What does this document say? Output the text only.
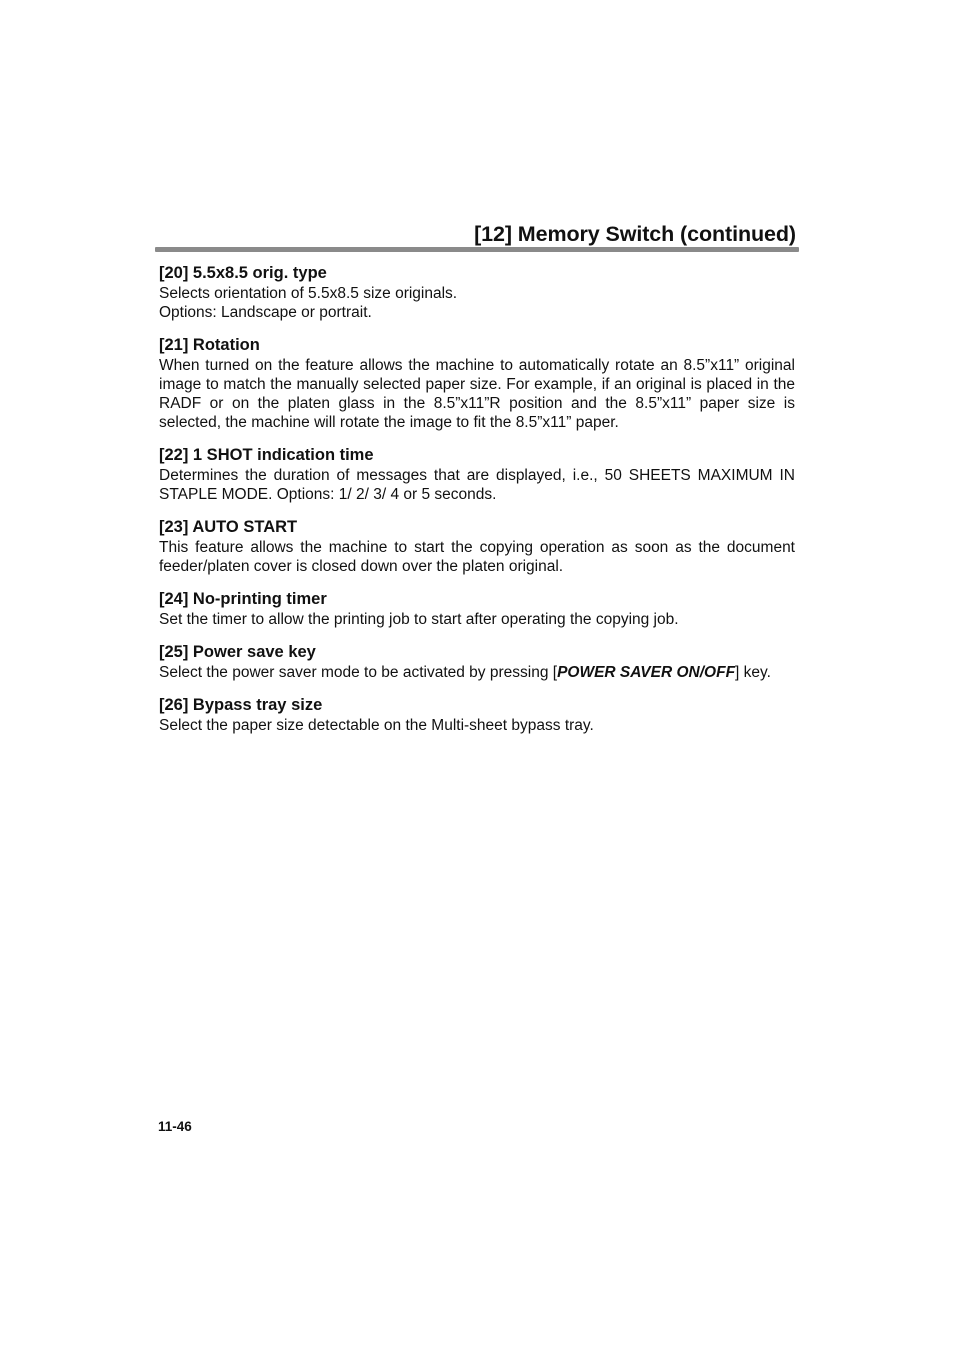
[12] Memory Switch (continued)
[20] 5.5x8.5 orig. type

Selects orientation of 5.5x8.5 size originals.
Options: Landscape or portrait.

[21] Rotation

When turned on the feature allows the machine to automatically rotate an 8.5”x11” original image to match the manually selected paper size. For example, if an original is placed in the RADF or on the platen glass in the 8.5”x11”R position and the 8.5”x11” paper size is selected, the machine will rotate the image to fit the 8.5”x11” paper.

[22] 1 SHOT indication time

Determines the duration of messages that are displayed, i.e., 50 SHEETS MAXIMUM IN STAPLE MODE. Options: 1/ 2/ 3/ 4 or 5 seconds.

[23] AUTO START

This feature allows the machine to start the copying operation as soon as the document feeder/platen cover is closed down over the platen original.

[24] No-printing timer

Set the timer to allow the printing job to start after operating the copying job.

[25] Power save key

Select the power saver mode to be activated by pressing [POWER SAVER ON/OFF] key.

[26] Bypass tray size

Select the paper size detectable on the Multi-sheet bypass tray.

11-46
